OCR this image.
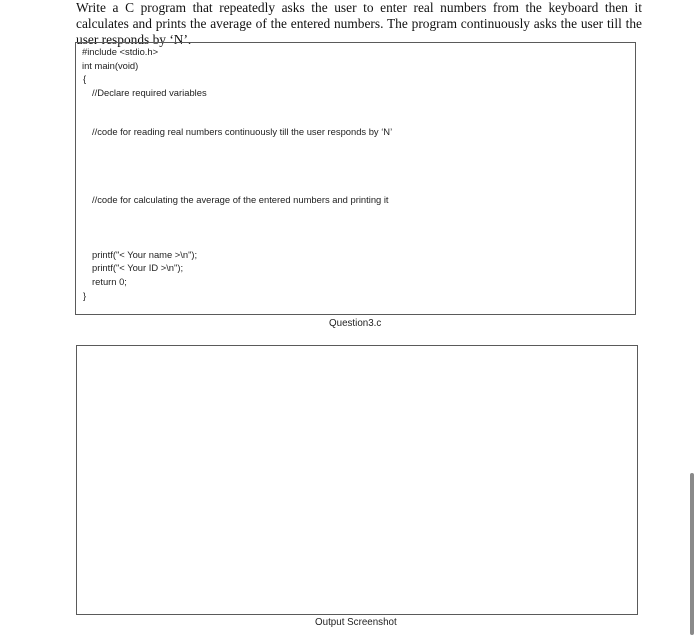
Write a C program that repeatedly asks the user to enter real numbers from the keyboard then it calculates and prints the average of the entered numbers. The program continuously asks the user till the user responds by ‘N’.
#include <stdio.h>
int main(void)
{
//Declare required variables
//code for reading real numbers continuously till the user responds by ‘N’
//code for calculating the average of the entered numbers and printing it
printf("< Your name >\n");
printf("< Your ID >\n");
return 0;
}
Question3.c
Output Screenshot
